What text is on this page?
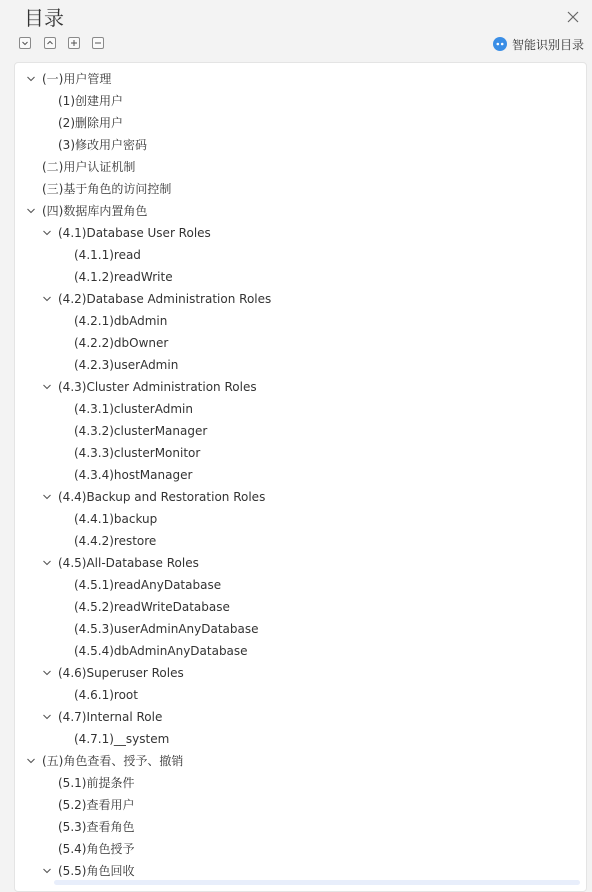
目录
智能识别目录
(一)用户管理
(1)创建用户
(2)删除用户
(3)修改用户密码
(二)用户认证机制
(三)基于角色的访问控制
(四)数据库内置角色
(4.1)Database User Roles
(4.1.1)read
(4.1.2)readWrite
(4.2)Database Administration Roles
(4.2.1)dbAdmin
(4.2.2)dbOwner
(4.2.3)userAdmin
(4.3)Cluster Administration Roles
(4.3.1)clusterAdmin
(4.3.2)clusterManager
(4.3.3)clusterMonitor
(4.3.4)hostManager
(4.4)Backup and Restoration Roles
(4.4.1)backup
(4.4.2)restore
(4.5)All-Database Roles
(4.5.1)readAnyDatabase
(4.5.2)readWriteDatabase
(4.5.3)userAdminAnyDatabase
(4.5.4)dbAdminAnyDatabase
(4.6)Superuser Roles
(4.6.1)root
(4.7)Internal Role
(4.7.1)__system
(五)角色查看、授予、撤销
(5.1)前提条件
(5.2)查看用户
(5.3)查看角色
(5.4)角色授予
(5.5)角色回收
